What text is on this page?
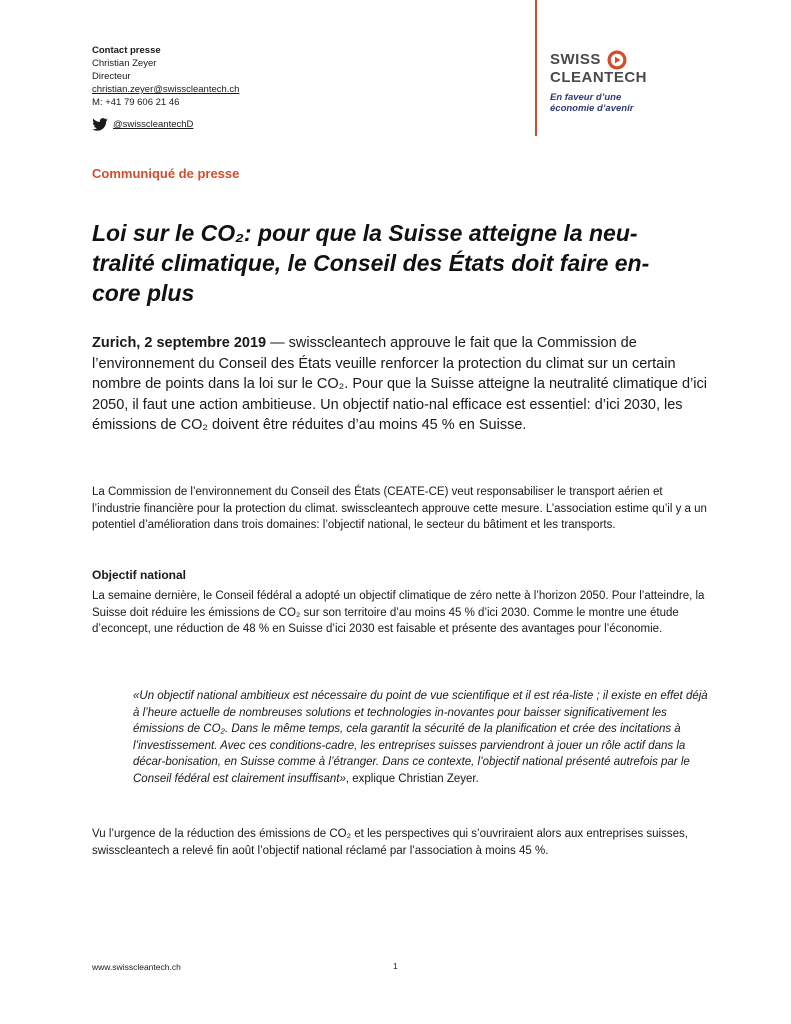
Contact presse
Christian Zeyer
Directeur
christian.zeyer@swisscleantech.ch
M: +41 79 606 21 46
@swisscleantechD
SWISS
CLEANTECH
En faveur d’une
économie d’avenir
Communiqué de presse
Loi sur le CO₂: pour que la Suisse atteigne la neu-tralité climatique, le Conseil des États doit faire en-core plus

Zurich, 2 septembre 2019 — swisscleantech approuve le fait que la Commission de l’environnement du Conseil des États veuille renforcer la protection du climat sur un certain nombre de points dans la loi sur le CO₂. Pour que la Suisse atteigne la neutralité climatique d’ici 2050, il faut une action ambitieuse. Un objectif natio-nal efficace est essentiel: d’ici 2030, les émissions de CO₂ doivent être réduites d’au moins 45 % en Suisse.

La Commission de l’environnement du Conseil des États (CEATE-CE) veut responsabiliser le transport aérien et l’industrie financière pour la protection du climat. swisscleantech approuve cette mesure. L’association estime qu’il y a un potentiel d’amélioration dans trois domaines: l’objectif national, le secteur du bâtiment et les transports.

Objectif national

La semaine dernière, le Conseil fédéral a adopté un objectif climatique de zéro nette à l’horizon 2050. Pour l’atteindre, la Suisse doit réduire les émissions de CO₂ sur son territoire d’au moins 45 % d’ici 2030. Comme le montre une étude d’econcept, une réduction de 48 % en Suisse d’ici 2030 est faisable et présente des avantages pour l’économie.

«Un objectif national ambitieux est nécessaire du point de vue scientifique et il est réa-liste ; il existe en effet déjà à l’heure actuelle de nombreuses solutions et technologies in-novantes pour baisser significativement les émissions de CO₂. Dans le même temps, cela garantit la sécurité de la planification et crée des incitations à l’investissement. Avec ces conditions-cadre, les entreprises suisses parviendront à jouer un rôle actif dans la décar-bonisation, en Suisse comme à l’étranger. Dans ce contexte, l’objectif national présenté autrefois par le Conseil fédéral est clairement insuffisant», explique Christian Zeyer.

Vu l’urgence de la réduction des émissions de CO₂ et les perspectives qui s’ouvriraient alors aux entreprises suisses, swisscleantech a relevé fin août l’objectif national réclamé par l’association à moins 45 %.

www.swisscleantech.ch	1
